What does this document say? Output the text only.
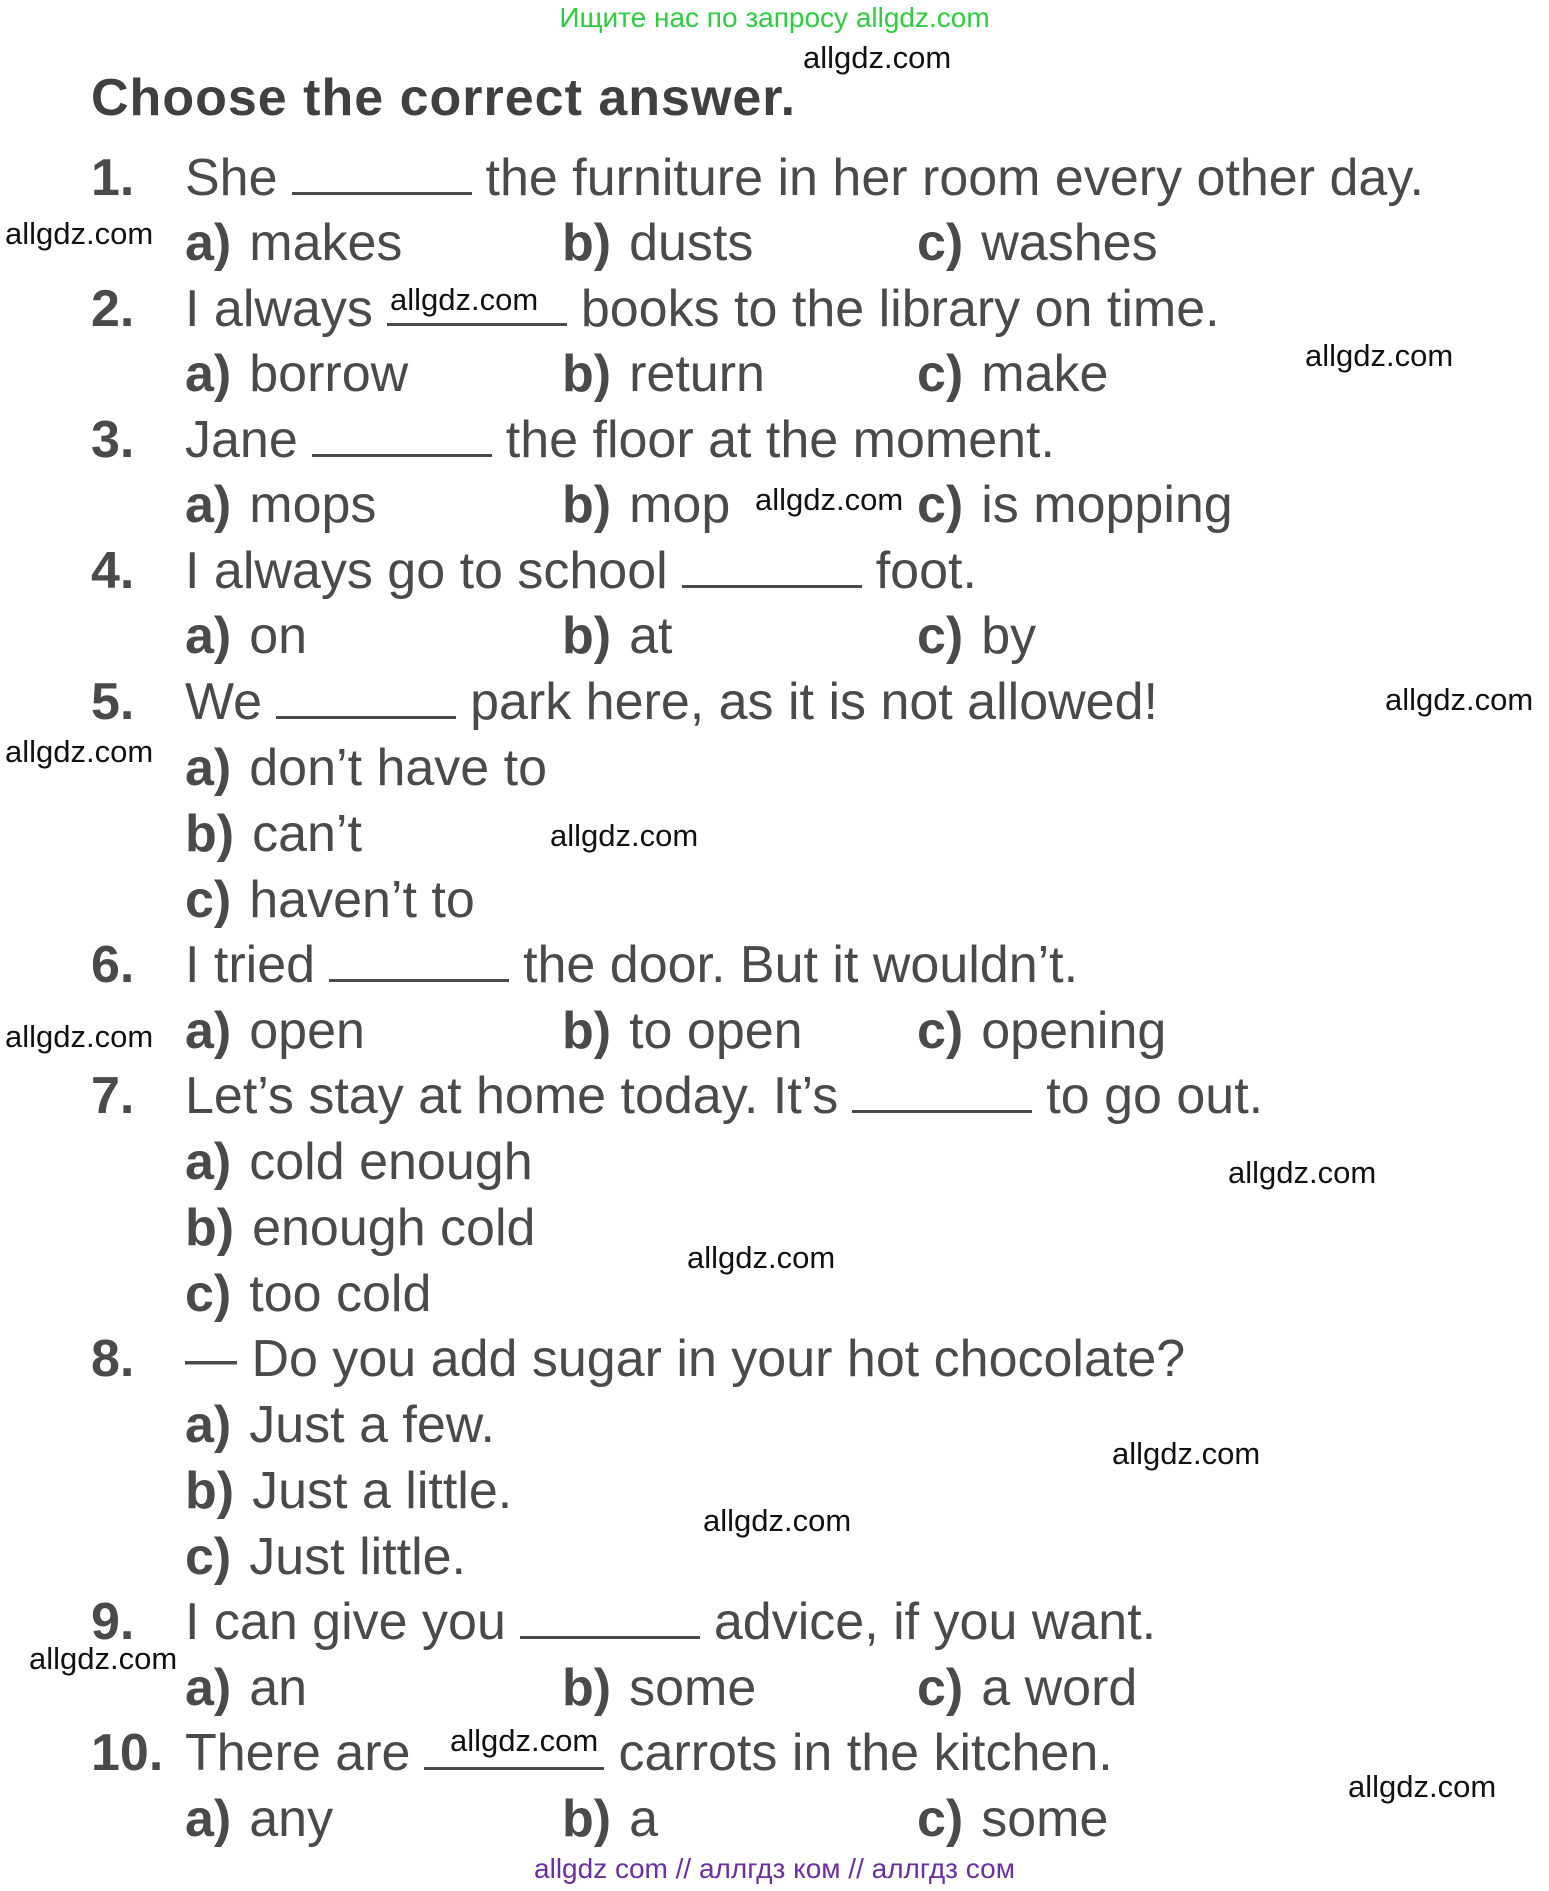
Ищите нас по запросу allgdz.com
Choose the correct answer.
1. She	the furniture in her room every other day.
a) makes	b) dusts	c) washes
2. I always	books to the library on time.
a) borrow	b) return	c) make
3. Jane	the floor at the moment.
a) mops	b) mop	c) is mopping
4. I always go to school	foot.
a) on	b) at	c) by
5. We	park here, as it is not allowed!
a) don’t have to
b) can’t
c) haven’t to
6. I tried	the door. But it wouldn’t.
a) open	b) to open c) opening
7. Let’s stay at home today. It’s	to go out.
a) cold enough
b) enough cold
c) too cold
8. — Do you add sugar in your hot chocolate?
a) Just a few.
b) Just a little.
c) Just little.
9. I can give you	advice, if you want.
a) an	b) some	c) a word
10. There are	carrots in the kitchen.
a) any	b) a	c) some
allgdz.com
allgdz.com
allgdz.com
allgdz.com
allgdz.com
allgdz.com
allgdz.com
allgdz.com
allgdz.com
allgdz.com
allgdz.com
allgdz.com
allgdz.com
allgdz.com
allgdz.com
allgdz.com
allgdz com // аллгдз ком // аллгдз сом
